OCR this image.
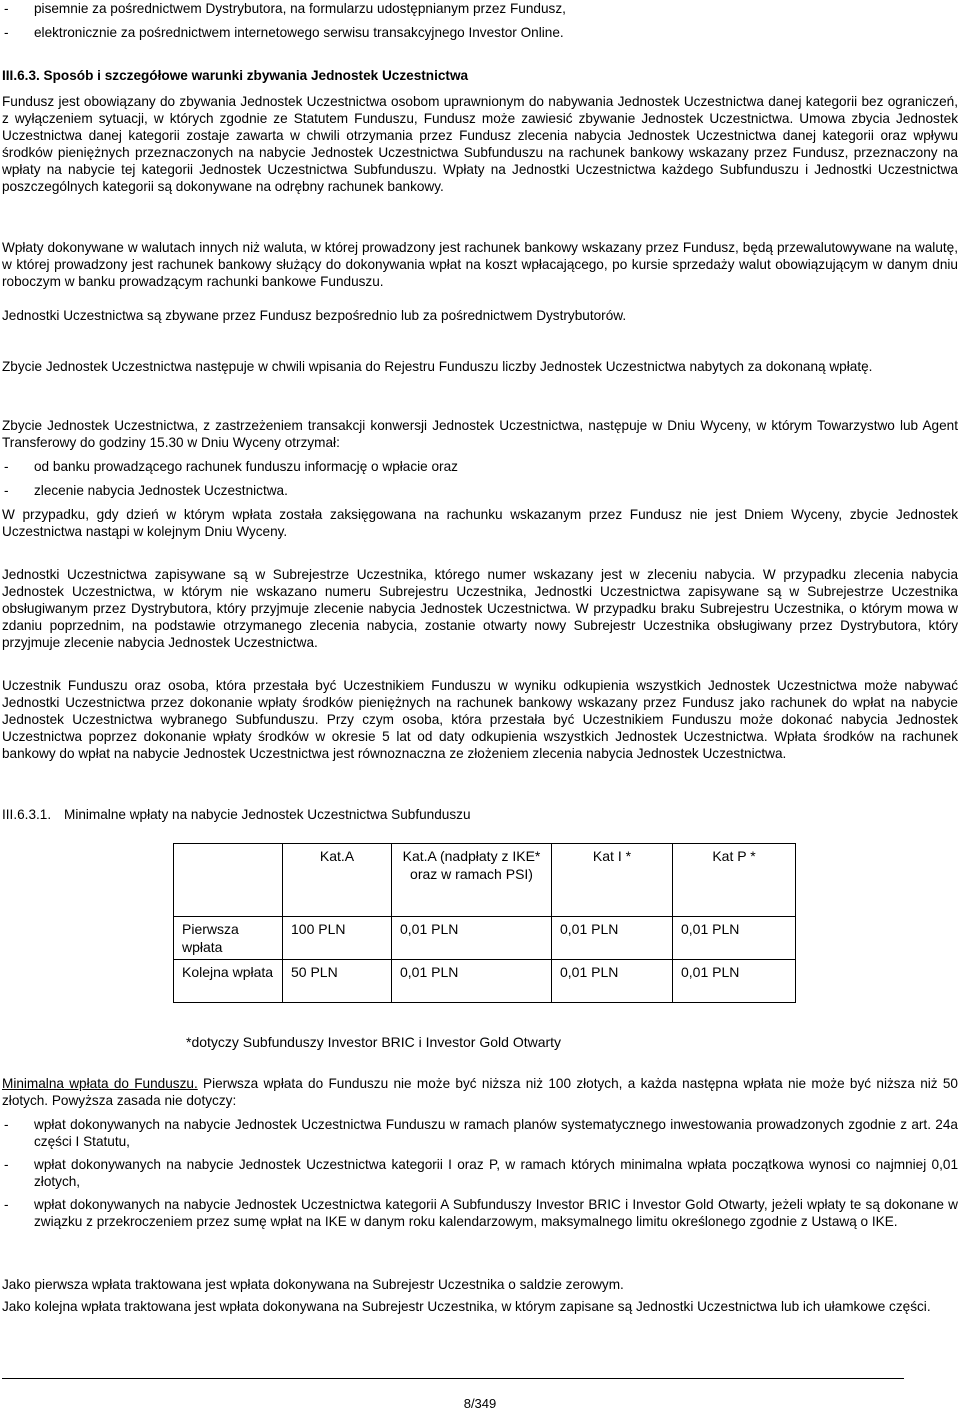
-	pisemnie za pośrednictwem Dystrybutora, na formularzu udostępnianym przez Fundusz,
-	elektronicznie za pośrednictwem internetowego serwisu transakcyjnego Investor Online.

III.6.3. Sposób i szczegółowe warunki zbywania Jednostek Uczestnictwa

Fundusz jest obowiązany do zbywania Jednostek Uczestnictwa osobom uprawnionym do nabywania Jednostek Uczestnictwa danej kategorii bez ograniczeń, z wyłączeniem sytuacji, w których zgodnie ze Statutem Funduszu, Fundusz może zawiesić zbywanie Jednostek Uczestnictwa. Umowa zbycia Jednostek Uczestnictwa danej kategorii zostaje zawarta w chwili otrzymania przez Fundusz zlecenia nabycia Jednostek Uczestnictwa danej kategorii oraz wpływu środków pieniężnych przeznaczonych na nabycie Jednostek Uczestnictwa Subfunduszu na rachunek bankowy wskazany przez Fundusz, przeznaczony na wpłaty na nabycie tej kategorii Jednostek Uczestnictwa Subfunduszu. Wpłaty na Jednostki Uczestnictwa każdego Subfunduszu i Jednostki Uczestnictwa poszczególnych kategorii są dokonywane na odrębny rachunek bankowy.

Wpłaty dokonywane w walutach innych niż waluta, w której prowadzony jest rachunek bankowy wskazany przez Fundusz, będą przewalutowywane na walutę, w której prowadzony jest rachunek bankowy służący do dokonywania wpłat na koszt wpłacającego, po kursie sprzedaży walut obowiązującym w danym dniu roboczym w banku prowadzącym rachunki bankowe Funduszu.

Jednostki Uczestnictwa są zbywane przez Fundusz bezpośrednio lub za pośrednictwem Dystrybutorów.

Zbycie Jednostek Uczestnictwa następuje w chwili wpisania do Rejestru Funduszu liczby Jednostek Uczestnictwa nabytych za dokonaną wpłatę.

Zbycie Jednostek Uczestnictwa, z zastrzeżeniem transakcji konwersji Jednostek Uczestnictwa, następuje w Dniu Wyceny, w którym Towarzystwo lub Agent Transferowy do godziny 15.30 w Dniu Wyceny otrzymał:

-	od banku prowadzącego rachunek funduszu informację o wpłacie oraz
-	zlecenie nabycia Jednostek Uczestnictwa.

W przypadku, gdy dzień w którym wpłata została zaksięgowana na rachunku wskazanym przez Fundusz nie jest Dniem Wyceny, zbycie Jednostek Uczestnictwa nastąpi w kolejnym Dniu Wyceny.

Jednostki Uczestnictwa zapisywane są w Subrejestrze Uczestnika, którego numer wskazany jest w zleceniu nabycia. W przypadku zlecenia nabycia Jednostek Uczestnictwa, w którym nie wskazano numeru Subrejestru Uczestnika, Jednostki Uczestnictwa zapisywane są w Subrejestrze Uczestnika obsługiwanym przez Dystrybutora, który przyjmuje zlecenie nabycia Jednostek Uczestnictwa. W przypadku braku Subrejestru Uczestnika, o którym mowa w zdaniu poprzednim, na podstawie otrzymanego zlecenia nabycia, zostanie otwarty nowy Subrejestr Uczestnika obsługiwany przez Dystrybutora, który przyjmuje zlecenie nabycia Jednostek Uczestnictwa.

Uczestnik Funduszu oraz osoba, która przestała być Uczestnikiem Funduszu w wyniku odkupienia wszystkich Jednostek Uczestnictwa może nabywać Jednostki Uczestnictwa przez dokonanie wpłaty środków pieniężnych na rachunek bankowy wskazany przez Fundusz jako rachunek do wpłat na nabycie Jednostek Uczestnictwa wybranego Subfunduszu. Przy czym osoba, która przestała być Uczestnikiem Funduszu może dokonać nabycia Jednostek Uczestnictwa poprzez dokonanie wpłaty środków w okresie 5 lat od daty odkupienia wszystkich Jednostek Uczestnictwa. Wpłata środków na rachunek bankowy do wpłat na nabycie Jednostek Uczestnictwa jest równoznaczna ze złożeniem zlecenia nabycia Jednostek Uczestnictwa.

III.6.3.1. Minimalne wpłaty na nabycie Jednostek Uczestnictwa Subfunduszu

*dotyczy Subfunduszy Investor BRIC i Investor Gold Otwarty

Minimalna wpłata do Funduszu. Pierwsza wpłata do Funduszu nie może być niższa niż 100 złotych, a każda następna wpłata nie może być niższa niż 50 złotych. Powyższa zasada nie dotyczy:

-	wpłat dokonywanych na nabycie Jednostek Uczestnictwa Funduszu w ramach planów systematycznego inwestowania prowadzonych zgodnie z art. 24a części I Statutu,
-	wpłat dokonywanych na nabycie Jednostek Uczestnictwa kategorii I oraz P, w ramach których minimalna wpłata początkowa wynosi co najmniej 0,01 złotych,
-	wpłat dokonywanych na nabycie Jednostek Uczestnictwa kategorii A Subfunduszy Investor BRIC i Investor Gold Otwarty, jeżeli wpłaty te są dokonane w związku z przekroczeniem przez sumę wpłat na IKE w danym roku kalendarzowym, maksymalnego limitu określonego zgodnie z Ustawą o IKE.

Jako pierwsza wpłata traktowana jest wpłata dokonywana na Subrejestr Uczestnika o saldzie zerowym.

Jako kolejna wpłata traktowana jest wpłata dokonywana na Subrejestr Uczestnika, w którym zapisane są Jednostki Uczestnictwa lub ich ułamkowe części.

	Kat.A	Kat.A (nadpłaty z IKE* oraz w ramach PSI)	Kat I *	Kat P *
Pierwsza wpłata	100 PLN	0,01 PLN	0,01 PLN	0,01 PLN
Kolejna wpłata	50 PLN	0,01 PLN	0,01 PLN	0,01 PLN
8/349
